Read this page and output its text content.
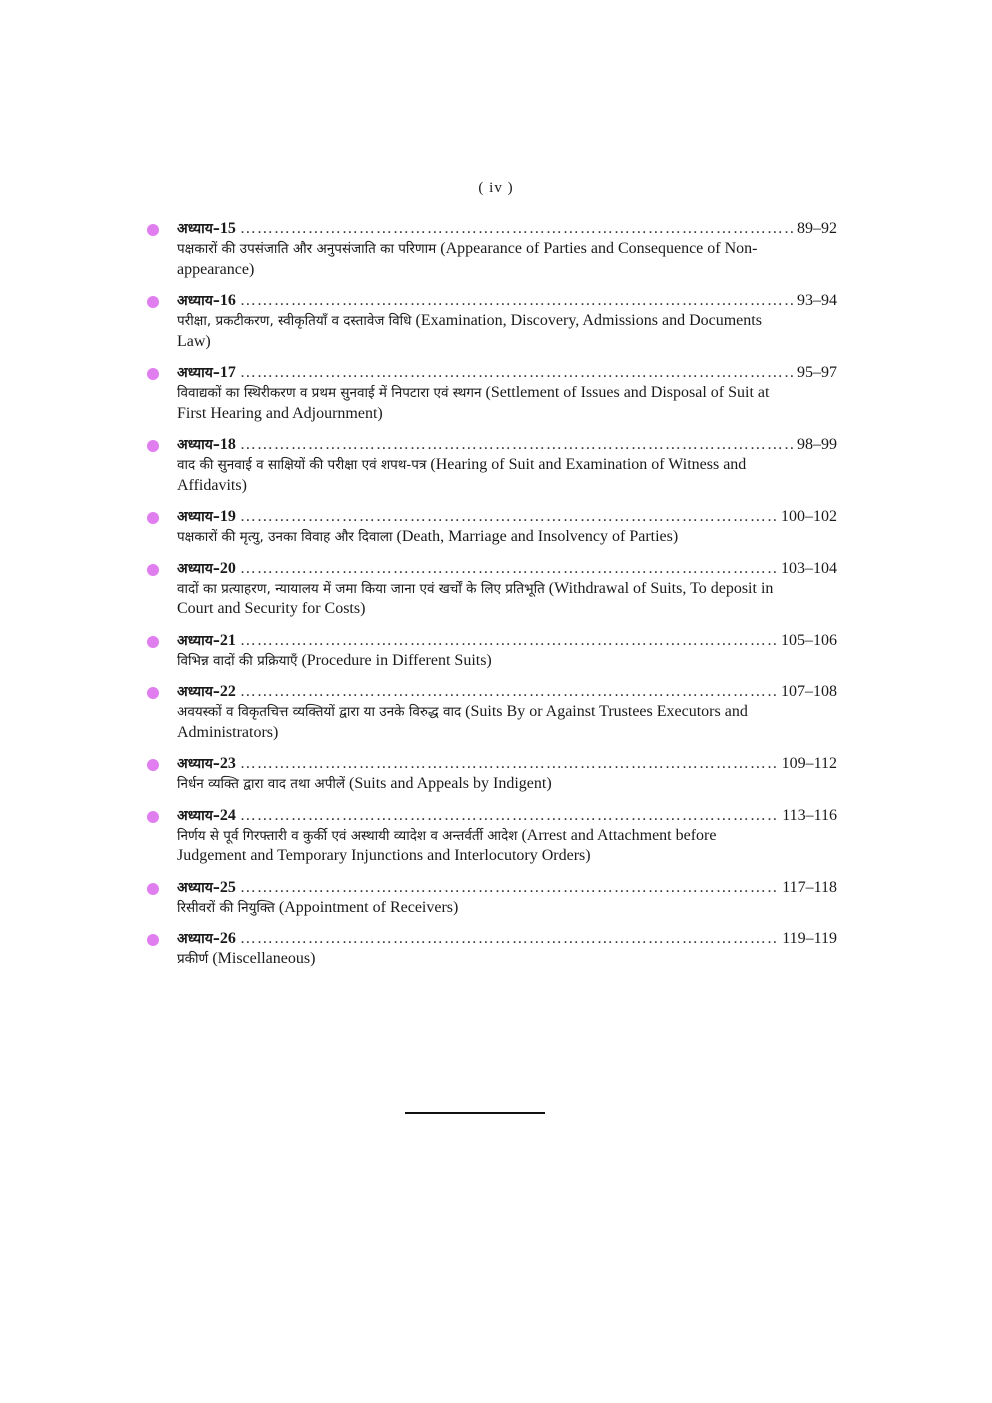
( iv )
अध्याय–15 …………………………………………………………………………………………………………………………………………………………	89–92
पक्षकारों की उपसंजाति और अनुपसंजाति का परिणाम (Appearance of Parties and Consequence of Non-appearance)
अध्याय–16 …………………………………………………………………………………………………………………………………………………………	93–94
परीक्षा, प्रकटीकरण, स्वीकृतियाँ व दस्तावेज विधि (Examination, Discovery, Admissions and Documents Law)
अध्याय–17 …………………………………………………………………………………………………………………………………………………………	95–97
विवाद्यकों का स्थिरीकरण व प्रथम सुनवाई में निपटारा एवं स्थगन (Settlement of Issues and Disposal of Suit at First Hearing and Adjournment)
अध्याय–18 …………………………………………………………………………………………………………………………………………………………	98–99
वाद की सुनवाई व साक्षियों की परीक्षा एवं शपथ-पत्र (Hearing of Suit and Examination of Witness and Affidavits)
अध्याय–19 …………………………………………………………………………………………………………………………………………………………	100–102
पक्षकारों की मृत्यु, उनका विवाह और दिवाला (Death, Marriage and Insolvency of Parties)
अध्याय–20 …………………………………………………………………………………………………………………………………………………………	103–104
वादों का प्रत्याहरण, न्यायालय में जमा किया जाना एवं खर्चों के लिए प्रतिभूति (Withdrawal of Suits, To deposit in Court and Security for Costs)
अध्याय–21 …………………………………………………………………………………………………………………………………………………………	105–106
विभिन्न वादों की प्रक्रियाएँ (Procedure in Different Suits)
अध्याय–22 …………………………………………………………………………………………………………………………………………………………	107–108
अवयस्कों व विकृतचित्त व्यक्तियों द्वारा या उनके विरुद्ध वाद (Suits By or Against Trustees Executors and Administrators)
अध्याय–23 …………………………………………………………………………………………………………………………………………………………	109–112
निर्धन व्यक्ति द्वारा वाद तथा अपीलें (Suits and Appeals by Indigent)
अध्याय–24 …………………………………………………………………………………………………………………………………………………………	113–116
निर्णय से पूर्व गिरफ्तारी व कुर्की एवं अस्थायी व्यादेश व अन्तर्वर्ती आदेश (Arrest and Attachment before Judgement and Temporary Injunctions and Interlocutory Orders)
अध्याय–25 …………………………………………………………………………………………………………………………………………………………	117–118
रिसीवरों की नियुक्ति (Appointment of Receivers)
अध्याय–26 …………………………………………………………………………………………………………………………………………………………	119–119
प्रकीर्ण (Miscellaneous)
